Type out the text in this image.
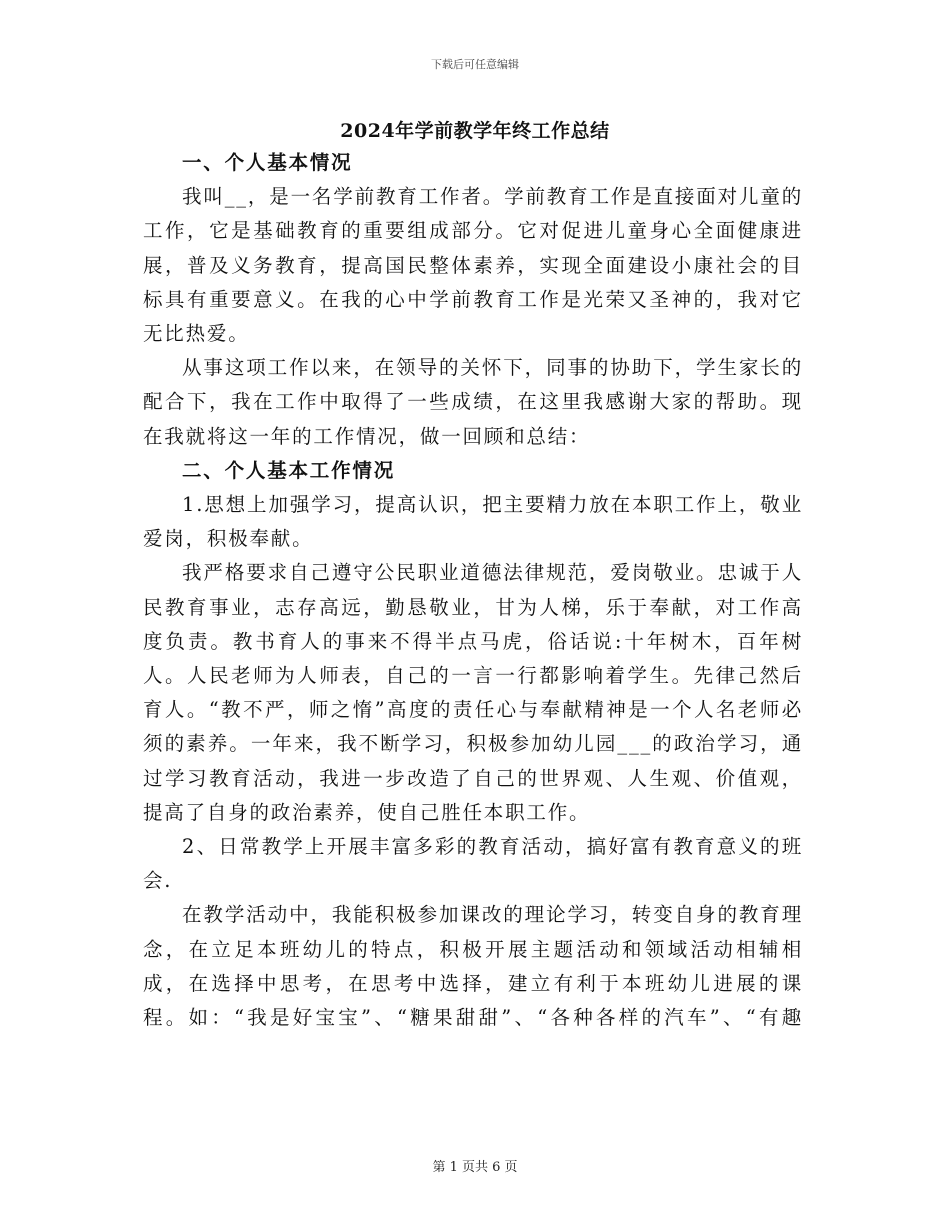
下载后可任意编辑
2024年学前教学年终工作总结

一、个人基本情况

我叫__，是一名学前教育工作者。学前教育工作是直接面对儿童的工作，它是基础教育的重要组成部分。它对促进儿童身心全面健康进展，普及义务教育，提高国民整体素养，实现全面建设小康社会的目标具有重要意义。在我的心中学前教育工作是光荣又圣神的，我对它无比热爱。

从事这项工作以来，在领导的关怀下，同事的协助下，学生家长的配合下，我在工作中取得了一些成绩，在这里我感谢大家的帮助。现在我就将这一年的工作情况，做一回顾和总结：

二、个人基本工作情况

1.思想上加强学习，提高认识，把主要精力放在本职工作上，敬业爱岗，积极奉献。

我严格要求自己遵守公民职业道德法律规范，爱岗敬业。忠诚于人民教育事业，志存高远，勤恳敬业，甘为人梯，乐于奉献，对工作高度负责。教书育人的事来不得半点马虎，俗话说:十年树木，百年树人。人民老师为人师表，自己的一言一行都影响着学生。先律己然后育人。“教不严，师之惰”高度的责任心与奉献精神是一个人名老师必须的素养。一年来，我不断学习，积极参加幼儿园___的政治学习，通过学习教育活动，我进一步改造了自己的世界观、人生观、价值观，提高了自身的政治素养，使自己胜任本职工作。

2、日常教学上开展丰富多彩的教育活动，搞好富有教育意义的班会.

在教学活动中，我能积极参加课改的理论学习，转变自身的教育理念，在立足本班幼儿的特点，积极开展主题活动和领域活动相辅相成，在选择中思考，在思考中选择，建立有利于本班幼儿进展的课程。如：“我是好宝宝”、“糖果甜甜”、“各种各样的汽车”、“有趣

第 1 页共 6 页
